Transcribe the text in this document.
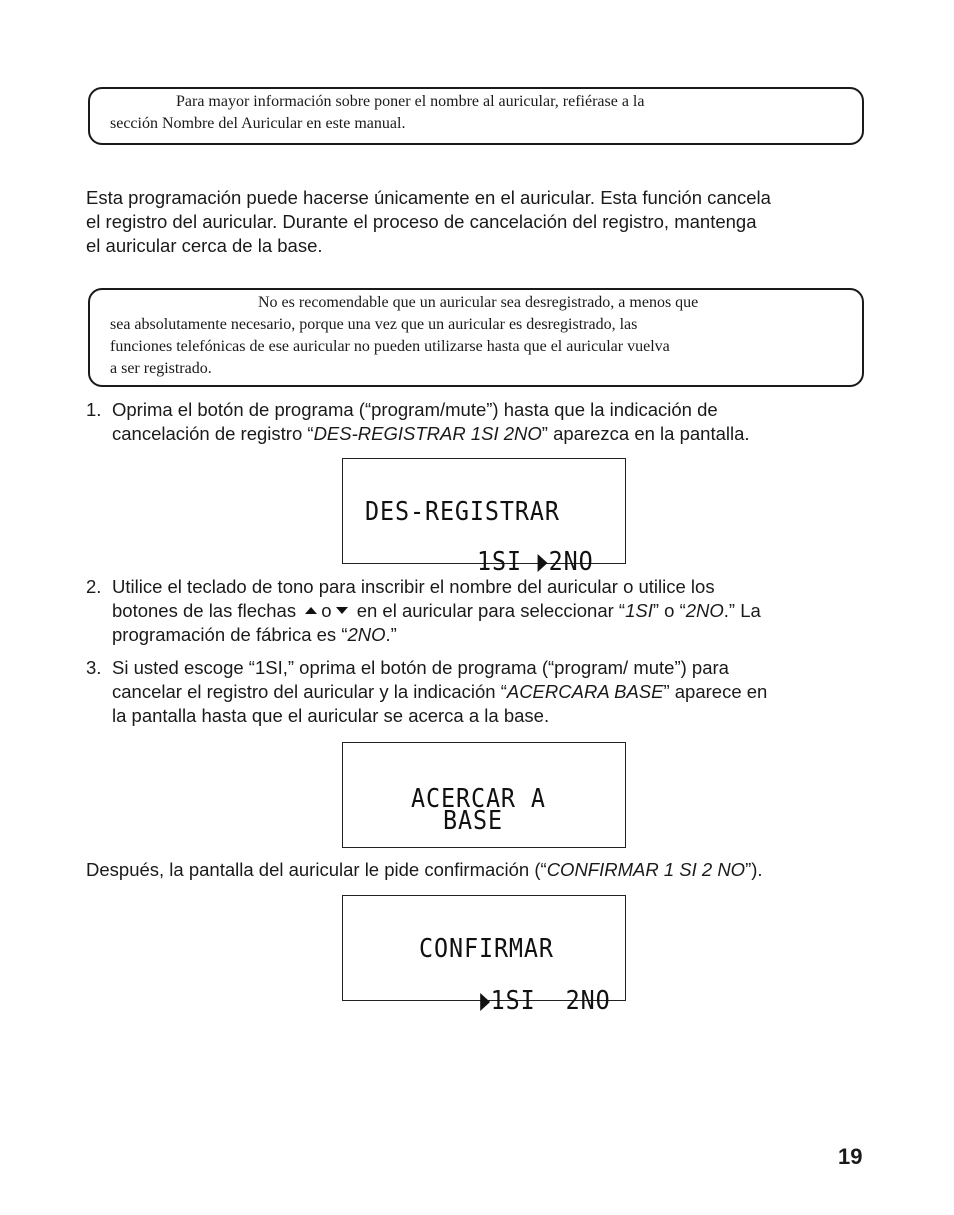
Para mayor información sobre poner el nombre al auricular, refiérase a la
sección Nombre del Auricular en este manual.
Esta programación puede hacerse únicamente en el auricular. Esta función cancela
el registro del auricular. Durante el proceso de cancelación del registro, mantenga
el auricular cerca de la base.
No es recomendable que un auricular sea desregistrado, a menos que
sea absolutamente necesario, porque una vez que un auricular es desregistrado, las
funciones telefónicas de ese auricular no pueden utilizarse hasta que el auricular vuelva
a ser registrado.
1. Oprima el botón de programa (“program/mute”) hasta que la indicación de
cancelación de registro “DES-REGISTRAR 1SI 2NO” aparezca en la pantalla.
DES-REGISTRAR

1SI 2NO

2. Utilice el teclado de tono para inscribir el nombre del auricular o utilice los
botones de las flechas o en el auricular para seleccionar “1SI” o “2NO.” La
programación de fábrica es “2NO.”
3. Si usted escoge “1SI,” oprima el botón de programa (“program/ mute”) para
cancelar el registro del auricular y la indicación “ACERCARA BASE” aparece en
la pantalla hasta que el auricular se acerca a la base.
ACERCAR A
BASE
Después, la pantalla del auricular le pide confirmación (“CONFIRMAR 1 SI 2 NO”).
CONFIRMAR

1SI 2NO

19
